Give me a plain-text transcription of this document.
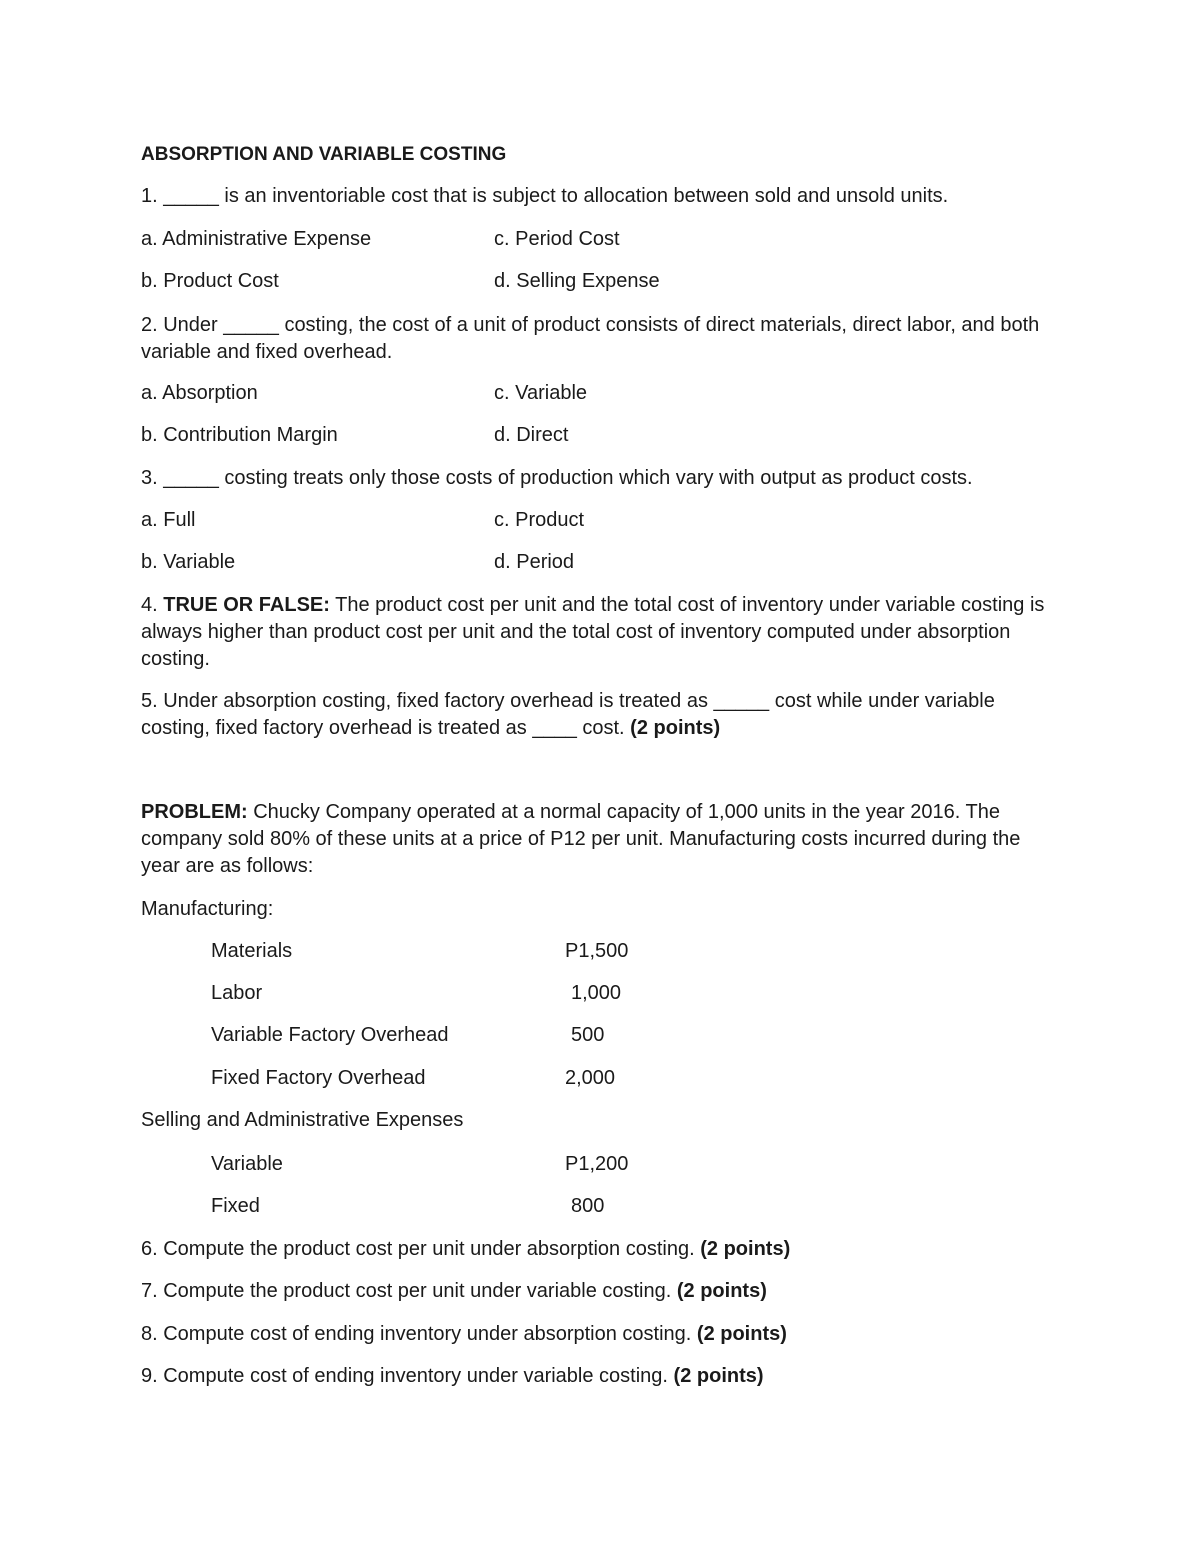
ABSORPTION AND VARIABLE COSTING
1. _____ is an inventoriable cost that is subject to allocation between sold and unsold units.
a. Administrative Expense	c. Period Cost
b. Product Cost	d. Selling Expense
2. Under _____ costing, the cost of a unit of product consists of direct materials, direct labor, and both variable and fixed overhead.
a. Absorption	c. Variable
b. Contribution Margin	d. Direct
3. _____ costing treats only those costs of production which vary with output as product costs.
a. Full	c. Product
b. Variable	d. Period
4. TRUE OR FALSE: The product cost per unit and the total cost of inventory under variable costing is always higher than product cost per unit and the total cost of inventory computed under absorption costing.
5. Under absorption costing, fixed factory overhead is treated as _____ cost while under variable costing, fixed factory overhead is treated as ____ cost. (2 points)
PROBLEM: Chucky Company operated at a normal capacity of 1,000 units in the year 2016. The company sold 80% of these units at a price of P12 per unit. Manufacturing costs incurred during the year are as follows:
Manufacturing:
Materials	P1,500
Labor	1,000
Variable Factory Overhead	500
Fixed Factory Overhead	2,000
Selling and Administrative Expenses
Variable	P1,200
Fixed	800
6. Compute the product cost per unit under absorption costing. (2 points)
7. Compute the product cost per unit under variable costing. (2 points)
8. Compute cost of ending inventory under absorption costing. (2 points)
9. Compute cost of ending inventory under variable costing. (2 points)
